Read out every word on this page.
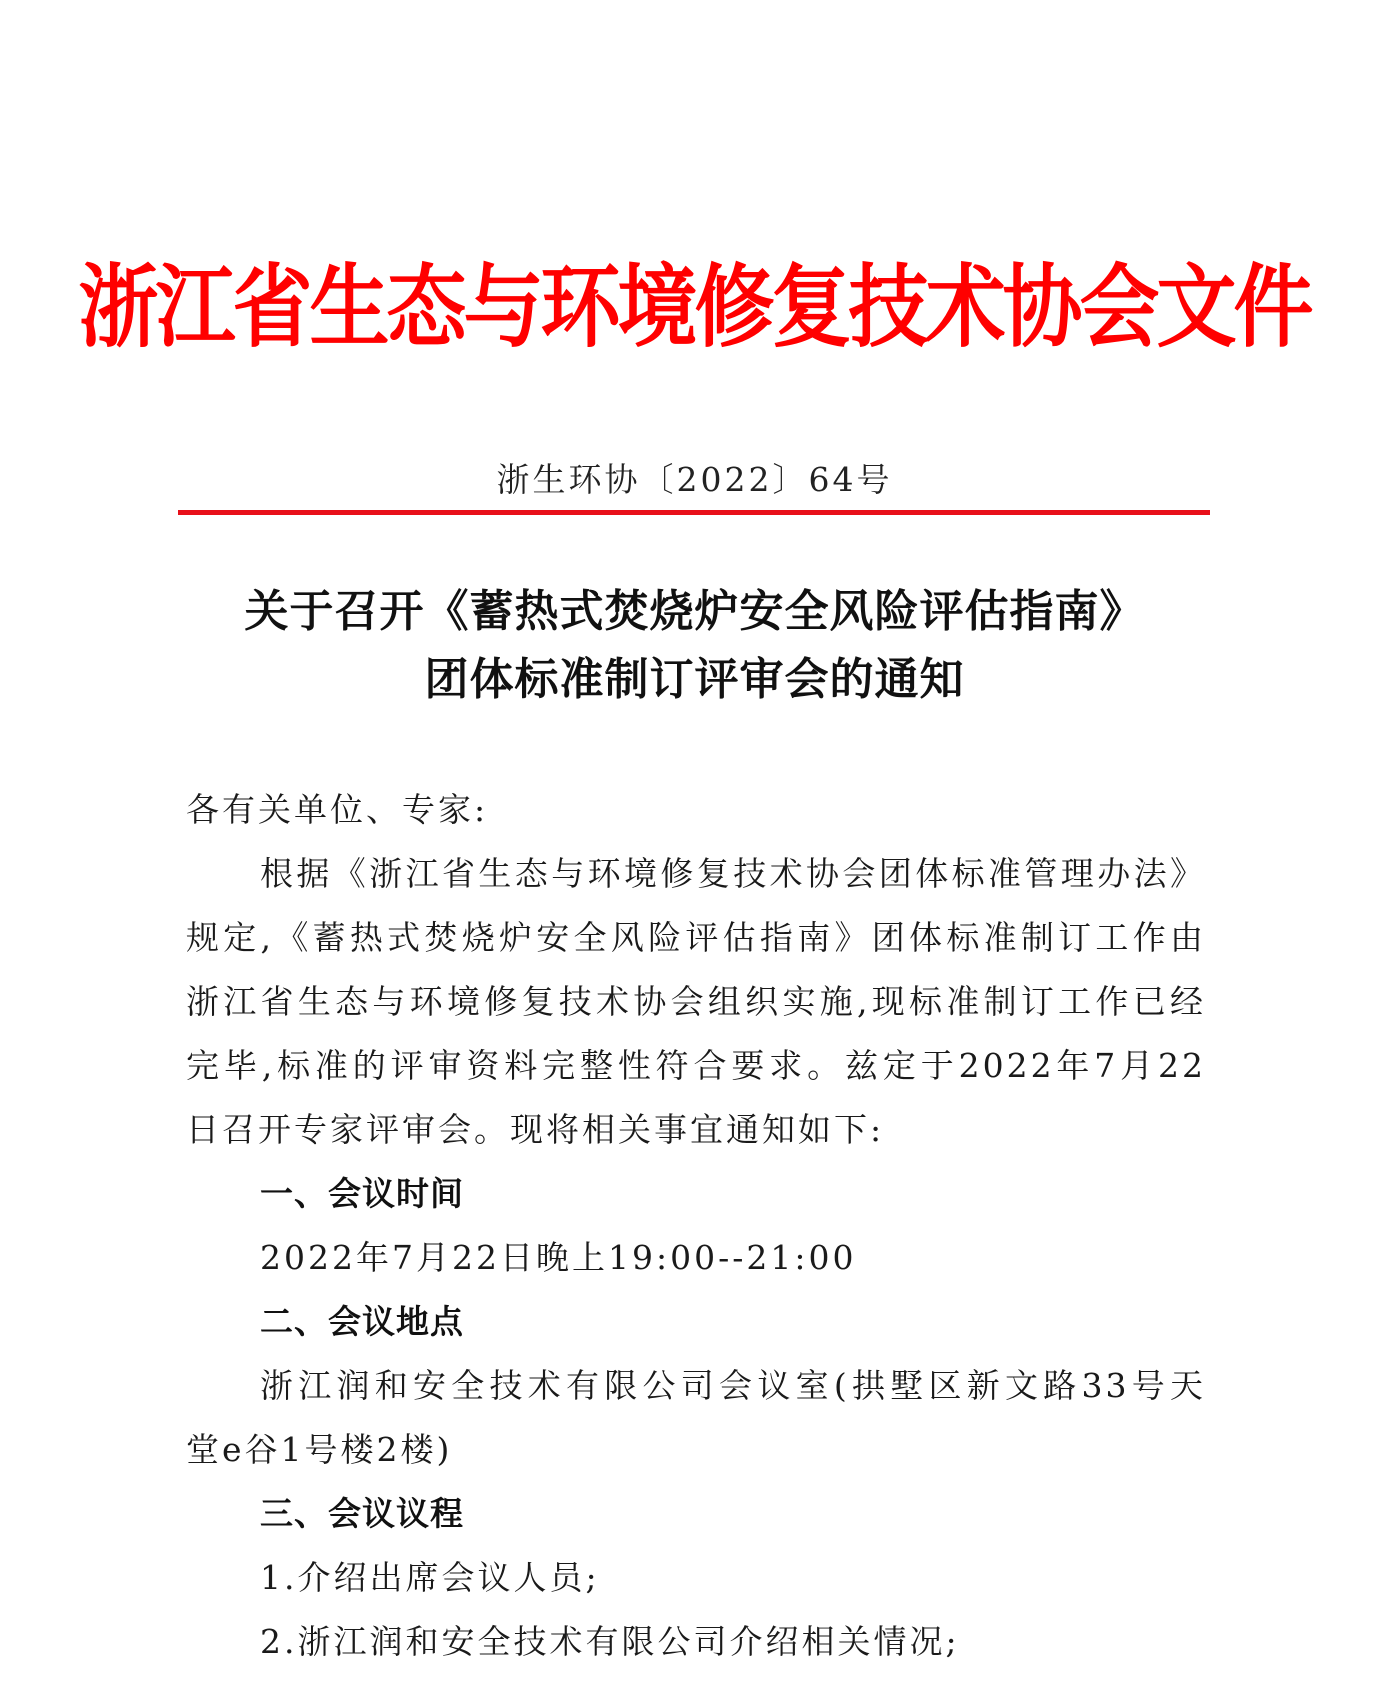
浙江省生态与环境修复技术协会文件
浙生环协〔2022〕64号
关于召开《蓄热式焚烧炉安全风险评估指南》
团体标准制订评审会的通知
各有关单位、专家:
根据《浙江省生态与环境修复技术协会团体标准管理办法》
规定,《蓄热式焚烧炉安全风险评估指南》团体标准制订工作由
浙江省生态与环境修复技术协会组织实施,现标准制订工作已经
完毕,标准的评审资料完整性符合要求。兹定于2022年7月22
日召开专家评审会。现将相关事宜通知如下:
一、会议时间
2022年7月22日晚上19:00--21:00
二、会议地点
浙江润和安全技术有限公司会议室(拱墅区新文路33号天
堂e谷1号楼2楼)
三、会议议程
1.介绍出席会议人员;
2.浙江润和安全技术有限公司介绍相关情况;
